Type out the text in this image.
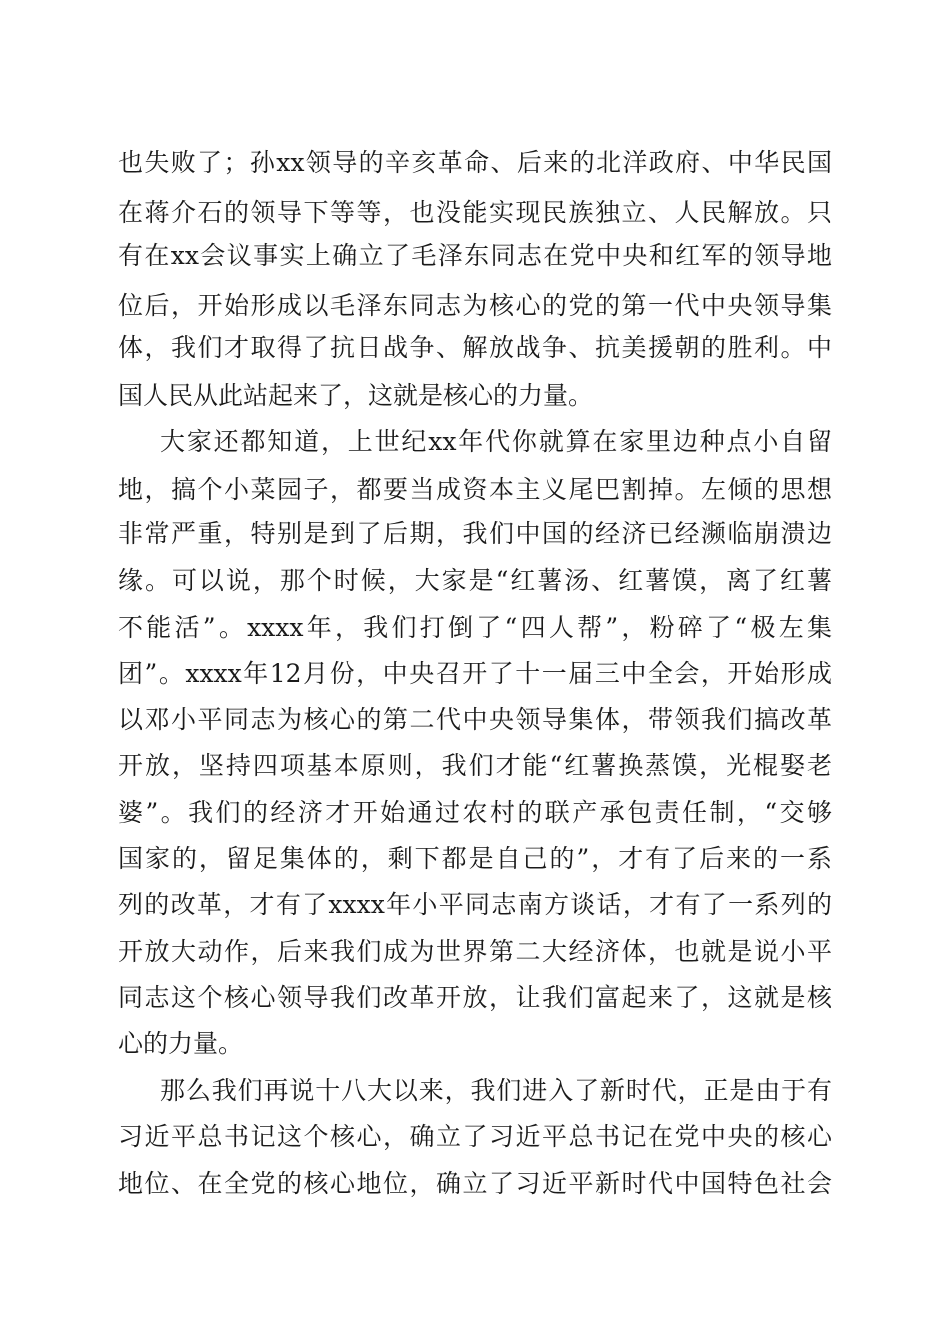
也失败了；孙xx领导的辛亥革命、后来的北洋政府、中华民国
在蒋介石的领导下等等，也没能实现民族独立、人民解放。只
有在xx会议事实上确立了毛泽东同志在党中央和红军的领导地
位后，开始形成以毛泽东同志为核心的党的第一代中央领导集
体，我们才取得了抗日战争、解放战争、抗美援朝的胜利。中
国人民从此站起来了，这就是核心的力量。
大家还都知道，上世纪xx年代你就算在家里边种点小自留
地，搞个小菜园子，都要当成资本主义尾巴割掉。左倾的思想
非常严重，特别是到了后期，我们中国的经济已经濒临崩溃边
缘。可以说，那个时候，大家是“红薯汤、红薯馍，离了红薯
不能活”。xxxx年，我们打倒了“四人帮”，粉碎了“极左集
团”。xxxx年12月份，中央召开了十一届三中全会，开始形成
以邓小平同志为核心的第二代中央领导集体，带领我们搞改革
开放，坚持四项基本原则，我们才能“红薯换蒸馍，光棍娶老
婆”。我们的经济才开始通过农村的联产承包责任制，“交够
国家的，留足集体的，剩下都是自己的”，才有了后来的一系
列的改革，才有了xxxx年小平同志南方谈话，才有了一系列的
开放大动作，后来我们成为世界第二大经济体，也就是说小平
同志这个核心领导我们改革开放，让我们富起来了，这就是核
心的力量。
那么我们再说十八大以来，我们进入了新时代，正是由于有
习近平总书记这个核心，确立了习近平总书记在党中央的核心
地位、在全党的核心地位，确立了习近平新时代中国特色社会
